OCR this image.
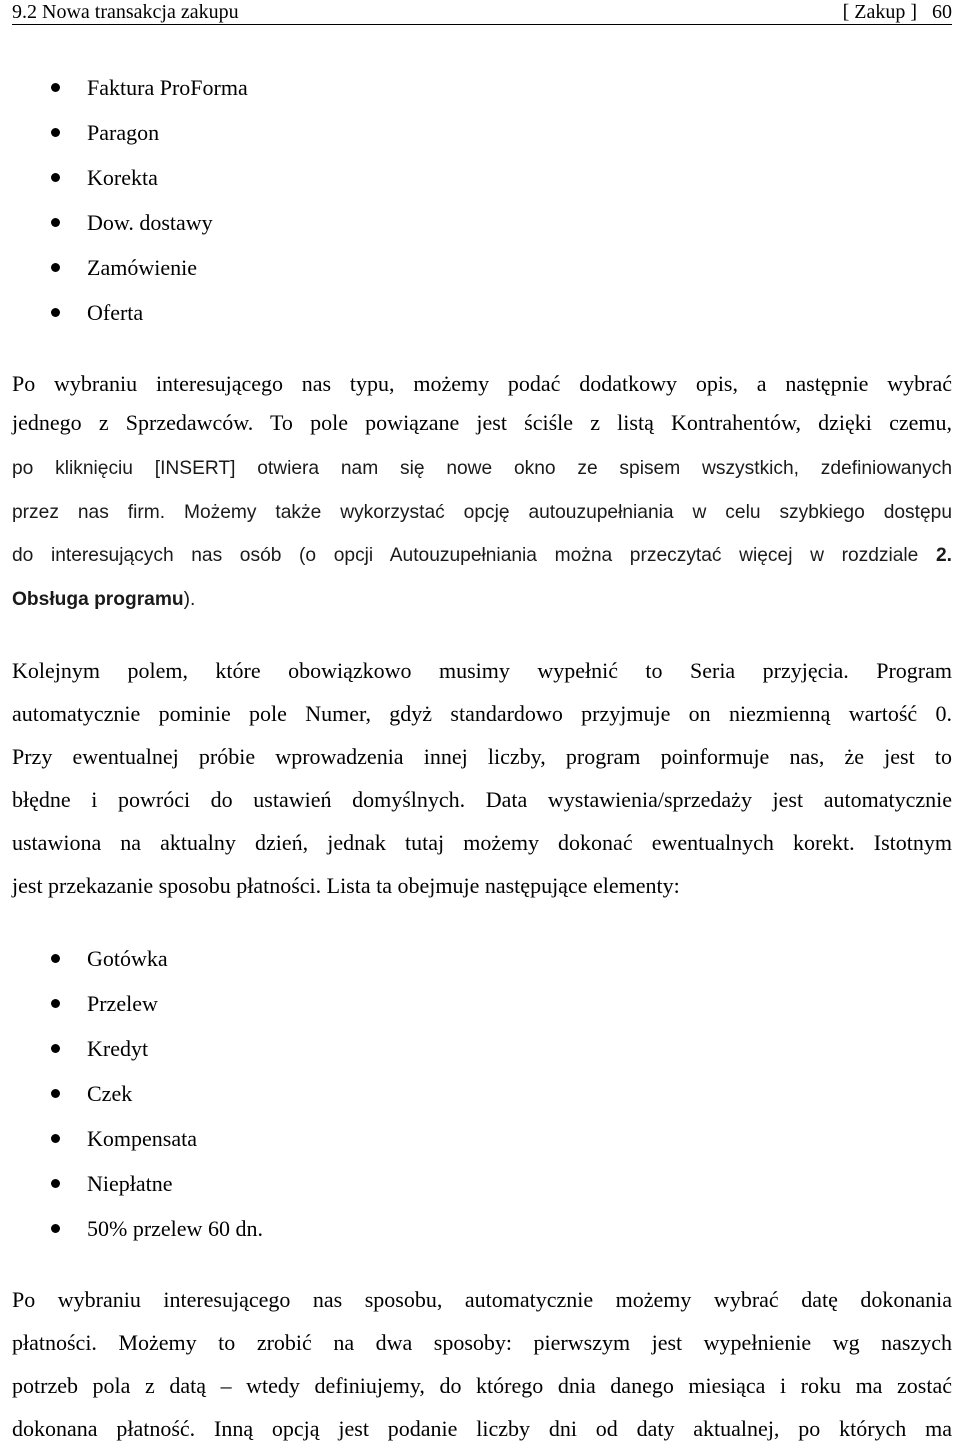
9.2 Nowa transakcja zakupu	[ Zakup ] 60
Faktura ProForma
Paragon
Korekta
Dow. dostawy
Zamówienie
Oferta
Po wybraniu interesującego nas typu, możemy podać dodatkowy opis, a następnie wybrać
jednego z Sprzedawców. To pole powiązane jest ściśle z listą Kontrahentów, dzięki czemu,
po kliknięciu [INSERT] otwiera nam się nowe okno ze spisem wszystkich, zdefiniowanych
przez nas firm. Możemy także wykorzystać opcję autouzupełniania w celu szybkiego dostępu
do interesujących nas osób (o opcji Autouzupełniania można przeczytać więcej w rozdziale 2.
Obsługa programu).
Kolejnym polem, które obowiązkowo musimy wypełnić to Seria przyjęcia. Program
automatycznie pominie pole Numer, gdyż standardowo przyjmuje on niezmienną wartość 0.
Przy ewentualnej próbie wprowadzenia innej liczby, program poinformuje nas, że jest to
błędne i powróci do ustawień domyślnych. Data wystawienia/sprzedaży jest automatycznie
ustawiona na aktualny dzień, jednak tutaj możemy dokonać ewentualnych korekt. Istotnym
jest przekazanie sposobu płatności. Lista ta obejmuje następujące elementy:
Gotówka
Przelew
Kredyt
Czek
Kompensata
Niepłatne
50% przelew 60 dn.
Po wybraniu interesującego nas sposobu, automatycznie możemy wybrać datę dokonania
płatności. Możemy to zrobić na dwa sposoby: pierwszym jest wypełnienie wg naszych
potrzeb pola z datą – wtedy definiujemy, do którego dnia danego miesiąca i roku ma zostać
dokonana płatność. Inną opcją jest podanie liczby dni od daty aktualnej, po których ma
